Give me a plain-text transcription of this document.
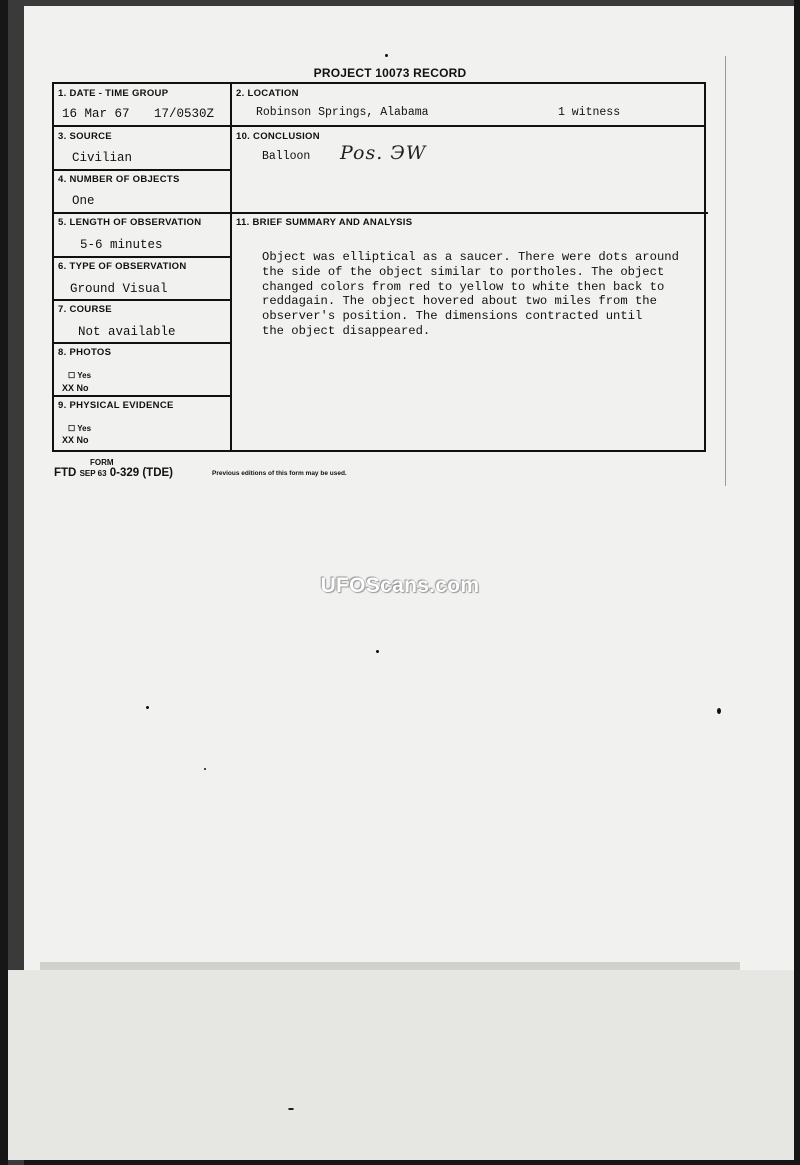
PROJECT 10073 RECORD
1. DATE - TIME GROUP
16 Mar 67 17/0530Z
2. LOCATION
Robinson Springs, Alabama	1 witness
3. SOURCE
Civilian
10. CONCLUSION
Balloon Pos. ЭW
4. NUMBER OF OBJECTS
One
5. LENGTH OF OBSERVATION
5-6 minutes
11. BRIEF SUMMARY AND ANALYSIS
Object was elliptical as a saucer. There were dots around
the side of the object similar to portholes. The object
changed colors from red to yellow to white then back to
reddagain. The object hovered about two miles from the
observer's position. The dimensions contracted until
the object disappeared.
6. TYPE OF OBSERVATION
Ground Visual
7. COURSE
Not available
8. PHOTOS
☐ Yes
XX No
9. PHYSICAL EVIDENCE
☐ Yes
XX No
FORM
FTD SEP 63 0-329 (TDE)	Previous editions of this form may be used.
UFOScans.com
